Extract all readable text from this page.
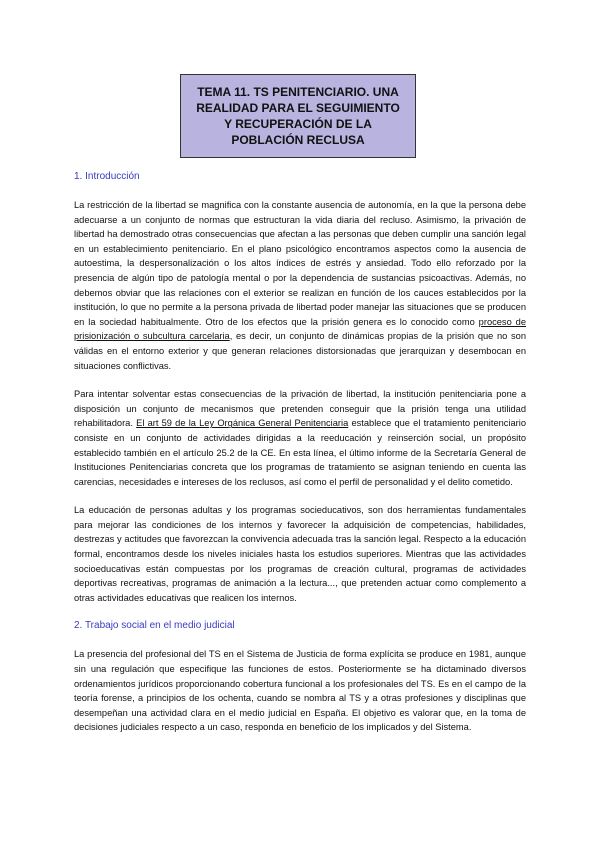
TEMA 11. TS PENITENCIARIO. UNA
REALIDAD PARA EL SEGUIMIENTO
Y RECUPERACIÓN DE LA
POBLACIÓN RECLUSA
1. Introducción

La restricción de la libertad se magnifica con la constante ausencia de autonomía, en la que la persona debe adecuarse a un conjunto de normas que estructuran la vida diaria del recluso. Asimismo, la privación de libertad ha demostrado otras consecuencias que afectan a las personas que deben cumplir una sanción legal en un establecimiento penitenciario. En el plano psicológico encontramos aspectos como la ausencia de autoestima, la despersonalización o los altos índices de estrés y ansiedad. Todo ello reforzado por la presencia de algún tipo de patología mental o por la dependencia de sustancias psicoactivas. Además, no debemos obviar que las relaciones con el exterior se realizan en función de los cauces establecidos por la institución, lo que no permite a la persona privada de libertad poder manejar las situaciones que se producen en la sociedad habitualmente. Otro de los efectos que la prisión genera es lo conocido como proceso de prisionización o subcultura carcelaria, es decir, un conjunto de dinámicas propias de la prisión que no son válidas en el entorno exterior y que generan relaciones distorsionadas que jerarquizan y desembocan en situaciones conflictivas.

Para intentar solventar estas consecuencias de la privación de libertad, la institución penitenciaria pone a disposición un conjunto de mecanismos que pretenden conseguir que la prisión tenga una utilidad rehabilitadora. El art 59 de la Ley Orgánica General Penitenciaria establece que el tratamiento penitenciario consiste en un conjunto de actividades dirigidas a la reeducación y reinserción social, un propósito establecido también en el artículo 25.2 de la CE. En esta línea, el último informe de la Secretaría General de Instituciones Penitenciarias concreta que los programas de tratamiento se asignan teniendo en cuenta las carencias, necesidades e intereses de los reclusos, así como el perfil de personalidad y el delito cometido.

La educación de personas adultas y los programas socieducativos, son dos herramientas fundamentales para mejorar las condiciones de los internos y favorecer la adquisición de competencias, habilidades, destrezas y actitudes que favorezcan la convivencia adecuada tras la sanción legal. Respecto a la educación formal, encontramos desde los niveles iniciales hasta los estudios superiores. Mientras que las actividades socioeducativas están compuestas por los programas de creación cultural, programas de actividades deportivas recreativas, programas de animación a la lectura..., que pretenden actuar como complemento a otras actividades educativas que realicen los internos.

2. Trabajo social en el medio judicial

La presencia del profesional del TS en el Sistema de Justicia de forma explícita se produce en 1981, aunque sin una regulación que especifique las funciones de estos. Posteriormente se ha dictaminado diversos ordenamientos jurídicos proporcionando cobertura funcional a los profesionales del TS. Es en el campo de la teoría forense, a principios de los ochenta, cuando se nombra al TS y a otras profesiones y disciplinas que desempeñan una actividad clara en el medio judicial en España. El objetivo es valorar que, en la toma de decisiones judiciales respecto a un caso, responda en beneficio de los implicados y del Sistema.
